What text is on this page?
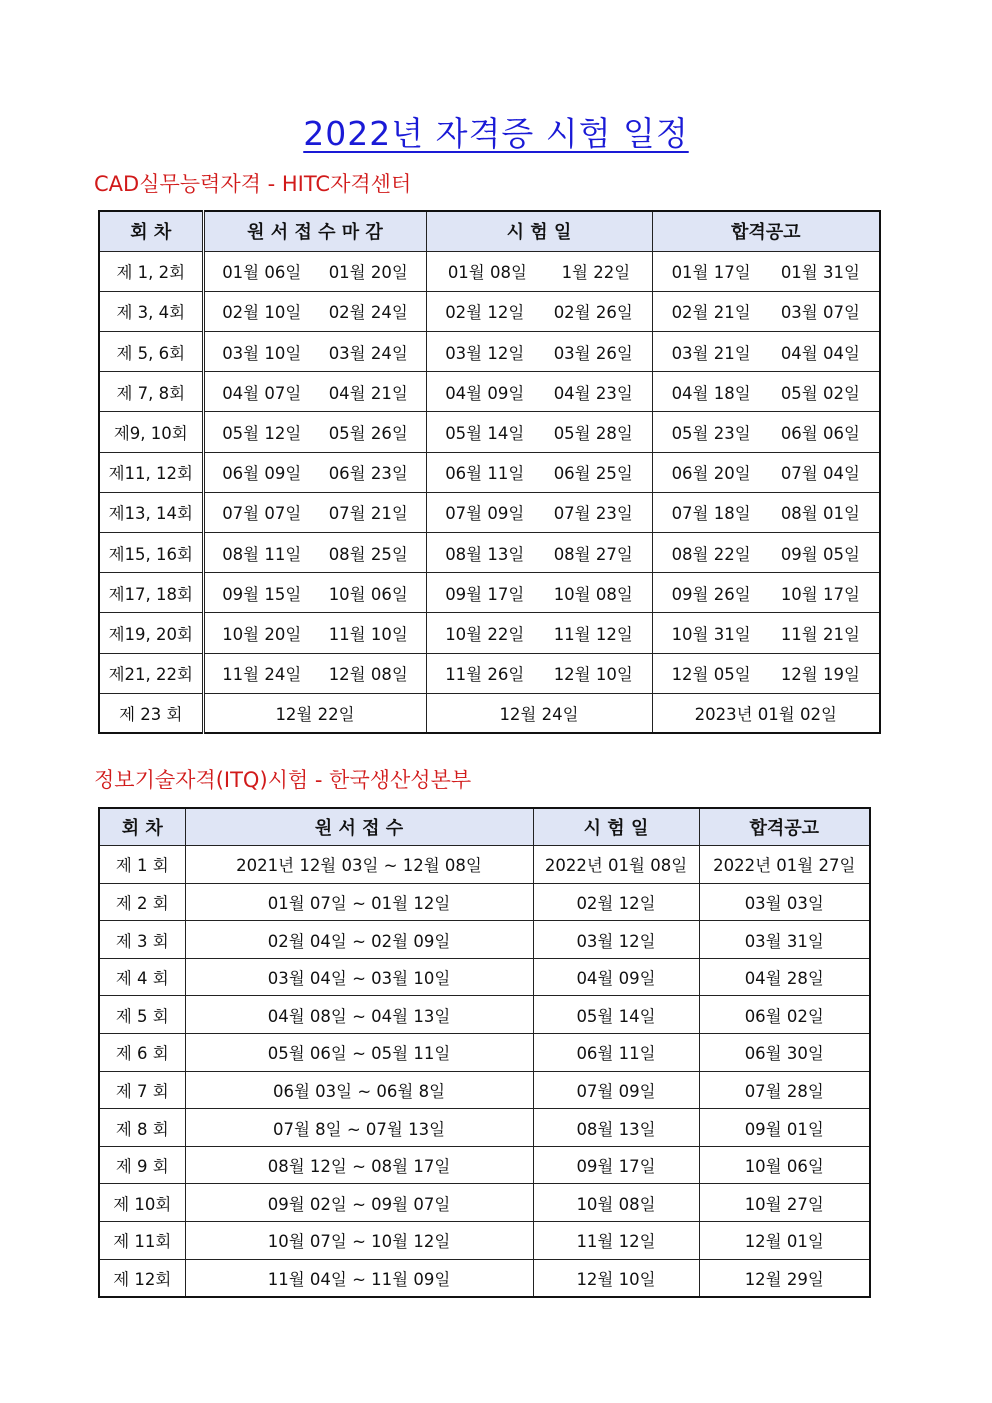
2022년 자격증 시험 일정
CAD실무능력자격 - HITC자격센터
회 차	원 서 접 수 마 감	시 험 일	합격공고
제 1, 2회	01월 06일 01월 20일	01월 08일 1월 22일	01월 17일 01월 31일

제 3, 4회	02월 10일 02월 24일	02월 12일 02월 26일	02월 21일 03월 07일

제 5, 6회	03월 10일 03월 24일	03월 12일 03월 26일	03월 21일 04월 04일

제 7, 8회	04월 07일 04월 21일	04월 09일 04월 23일	04월 18일 05월 02일

제9, 10회	05월 12일 05월 26일	05월 14일 05월 28일	05월 23일 06월 06일

제11, 12회	06월 09일 06월 23일	06월 11일 06월 25일	06월 20일 07월 04일

제13, 14회	07월 07일 07월 21일	07월 09일 07월 23일	07월 18일 08월 01일

제15, 16회	08월 11일 08월 25일	08월 13일 08월 27일	08월 22일 09월 05일

제17, 18회	09월 15일 10월 06일	09월 17일 10월 08일	09월 26일 10월 17일

제19, 20회	10월 20일 11월 10일	10월 22일 11월 12일	10월 31일 11월 21일

제21, 22회	11월 24일 12월 08일	11월 26일 12월 10일	12월 05일 12월 19일

제 23 회	12월 22일	12월 24일	2023년 01월 02일
정보기술자격(ITQ)시험 - 한국생산성본부
회 차	원 서 접 수	시 험 일	합격공고
제 1 회	2021년 12월 03일 ~ 12월 08일	2022년 01월 08일	2022년 01월 27일
제 2 회	01월 07일 ~ 01월 12일	02월 12일	03월 03일
제 3 회	02월 04일 ~ 02월 09일	03월 12일	03월 31일
제 4 회	03월 04일 ~ 03월 10일	04월 09일	04월 28일
제 5 회	04월 08일 ~ 04월 13일	05월 14일	06월 02일
제 6 회	05월 06일 ~ 05월 11일	06월 11일	06월 30일
제 7 회	06월 03일 ~ 06월 8일	07월 09일	07월 28일
제 8 회	07월 8일 ~ 07월 13일	08월 13일	09월 01일
제 9 회	08월 12일 ~ 08월 17일	09월 17일	10월 06일
제 10회	09월 02일 ~ 09월 07일	10월 08일	10월 27일
제 11회	10월 07일 ~ 10월 12일	11월 12일	12월 01일
제 12회	11월 04일 ~ 11월 09일	12월 10일	12월 29일
